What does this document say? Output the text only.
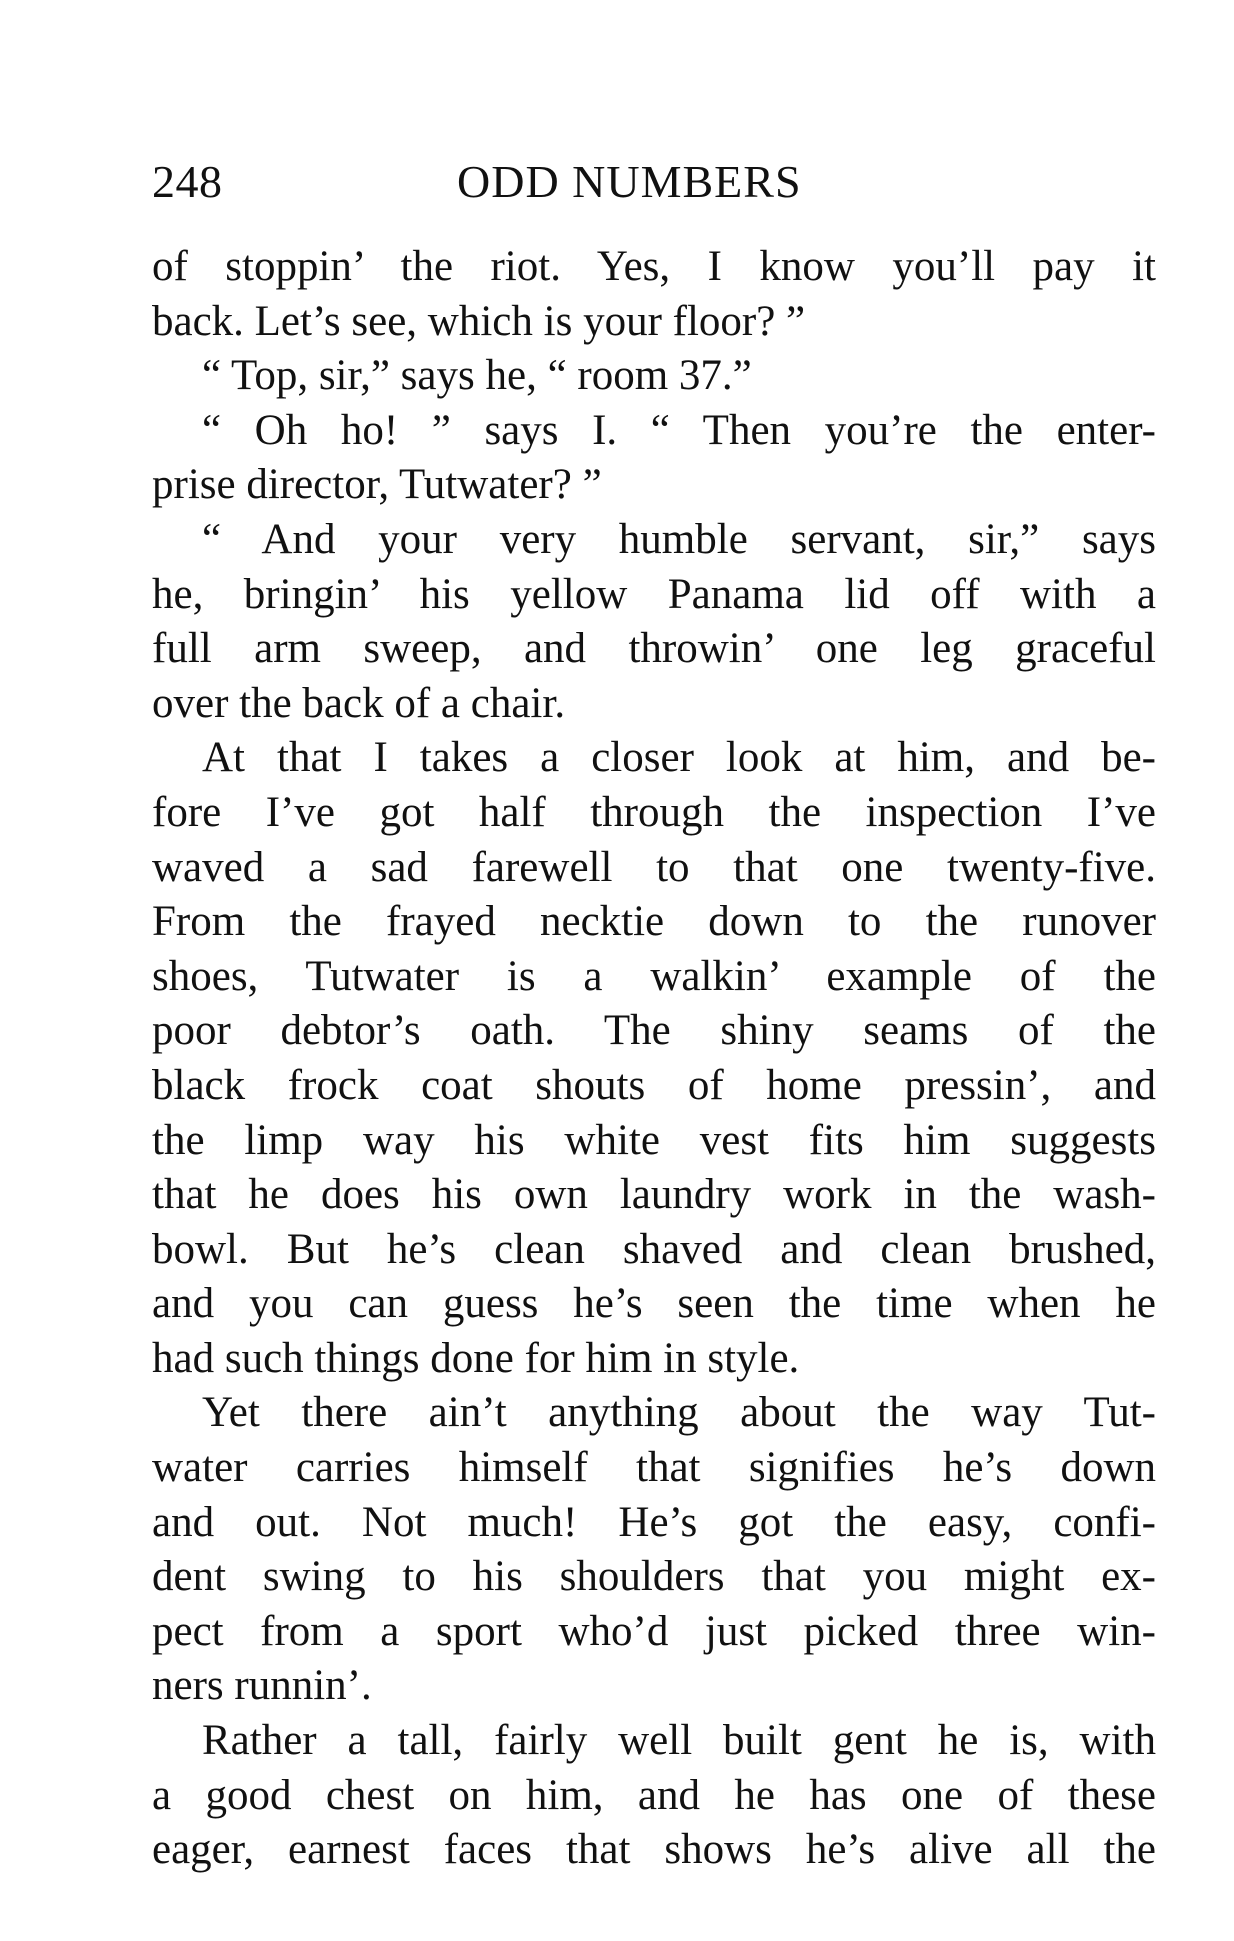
248	ODD NUMBERS
of stoppin’ the riot. Yes, I know you’ll pay it
back. Let’s see, which is your floor? ”
“ Top, sir,” says he, “ room 37.”
“ Oh ho! ” says I. “ Then you’re the enter-
prise director, Tutwater? ”
“ And your very humble servant, sir,” says
he, bringin’ his yellow Panama lid off with a
full arm sweep, and throwin’ one leg graceful
over the back of a chair.
At that I takes a closer look at him, and be-
fore I’ve got half through the inspection I’ve
waved a sad farewell to that one twenty-five.
From the frayed necktie down to the runover
shoes, Tutwater is a walkin’ example of the
poor debtor’s oath. The shiny seams of the
black frock coat shouts of home pressin’, and
the limp way his white vest fits him suggests
that he does his own laundry work in the wash-
bowl. But he’s clean shaved and clean brushed,
and you can guess he’s seen the time when he
had such things done for him in style.
Yet there ain’t anything about the way Tut-
water carries himself that signifies he’s down
and out. Not much! He’s got the easy, confi-
dent swing to his shoulders that you might ex-
pect from a sport who’d just picked three win-
ners runnin’.
Rather a tall, fairly well built gent he is, with
a good chest on him, and he has one of these
eager, earnest faces that shows he’s alive all the
